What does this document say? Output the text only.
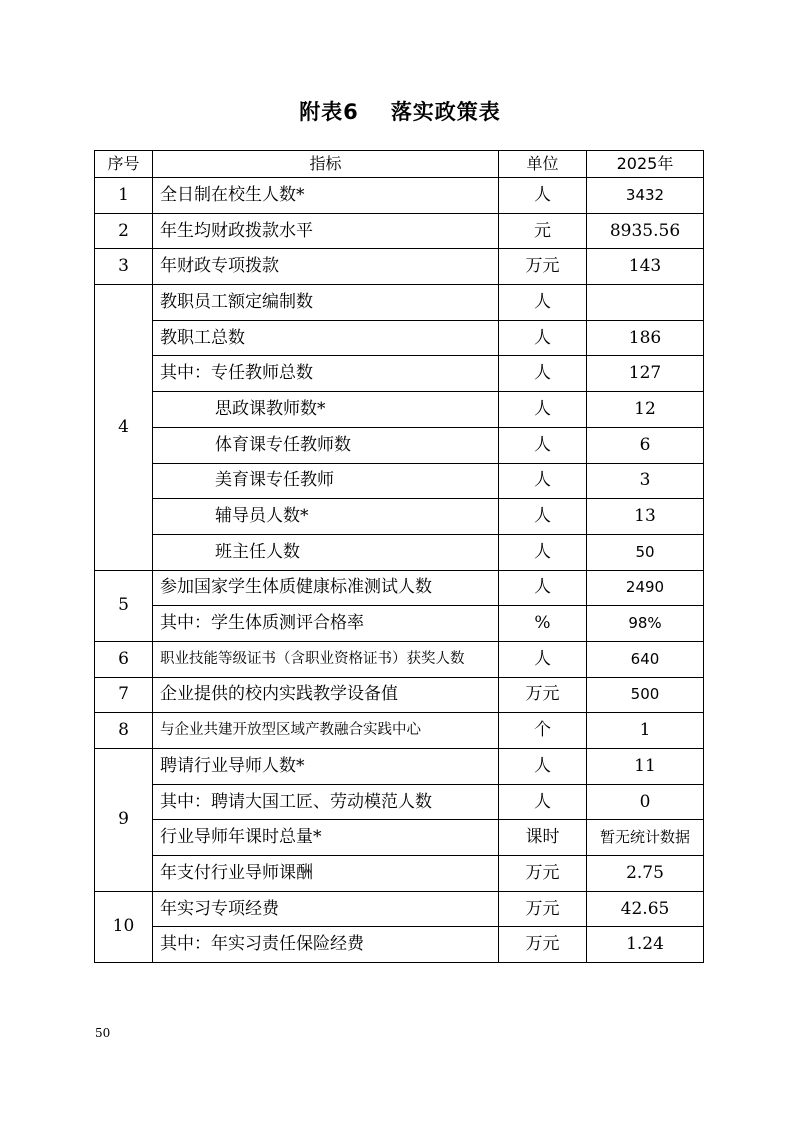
附表6 落实政策表
序号	指标	单位	2025年
1	全日制在校生人数*	人	3432
2	年生均财政拨款水平	元	8935.56
3	年财政专项拨款	万元	143
4	教职员工额定编制数	人	
	教职工总数	人	186
	其中：专任教师总数	人	127
	思政课教师数*	人	12
	体育课专任教师数	人	6
	美育课专任教师	人	3
	辅导员人数*	人	13
	班主任人数	人	50
5	参加国家学生体质健康标准测试人数	人	2490
	其中：学生体质测评合格率	%	98%
6	职业技能等级证书（含职业资格证书）获奖人数	人	640
7	企业提供的校内实践教学设备值	万元	500
8	与企业共建开放型区域产教融合实践中心	个	1
9	聘请行业导师人数*	人	11
	其中：聘请大国工匠、劳动模范人数	人	0
	行业导师年课时总量*	课时	暂无统计数据
	年支付行业导师课酬	万元	2.75
10	年实习专项经费	万元	42.65
	其中：年实习责任保险经费	万元	1.24
50
